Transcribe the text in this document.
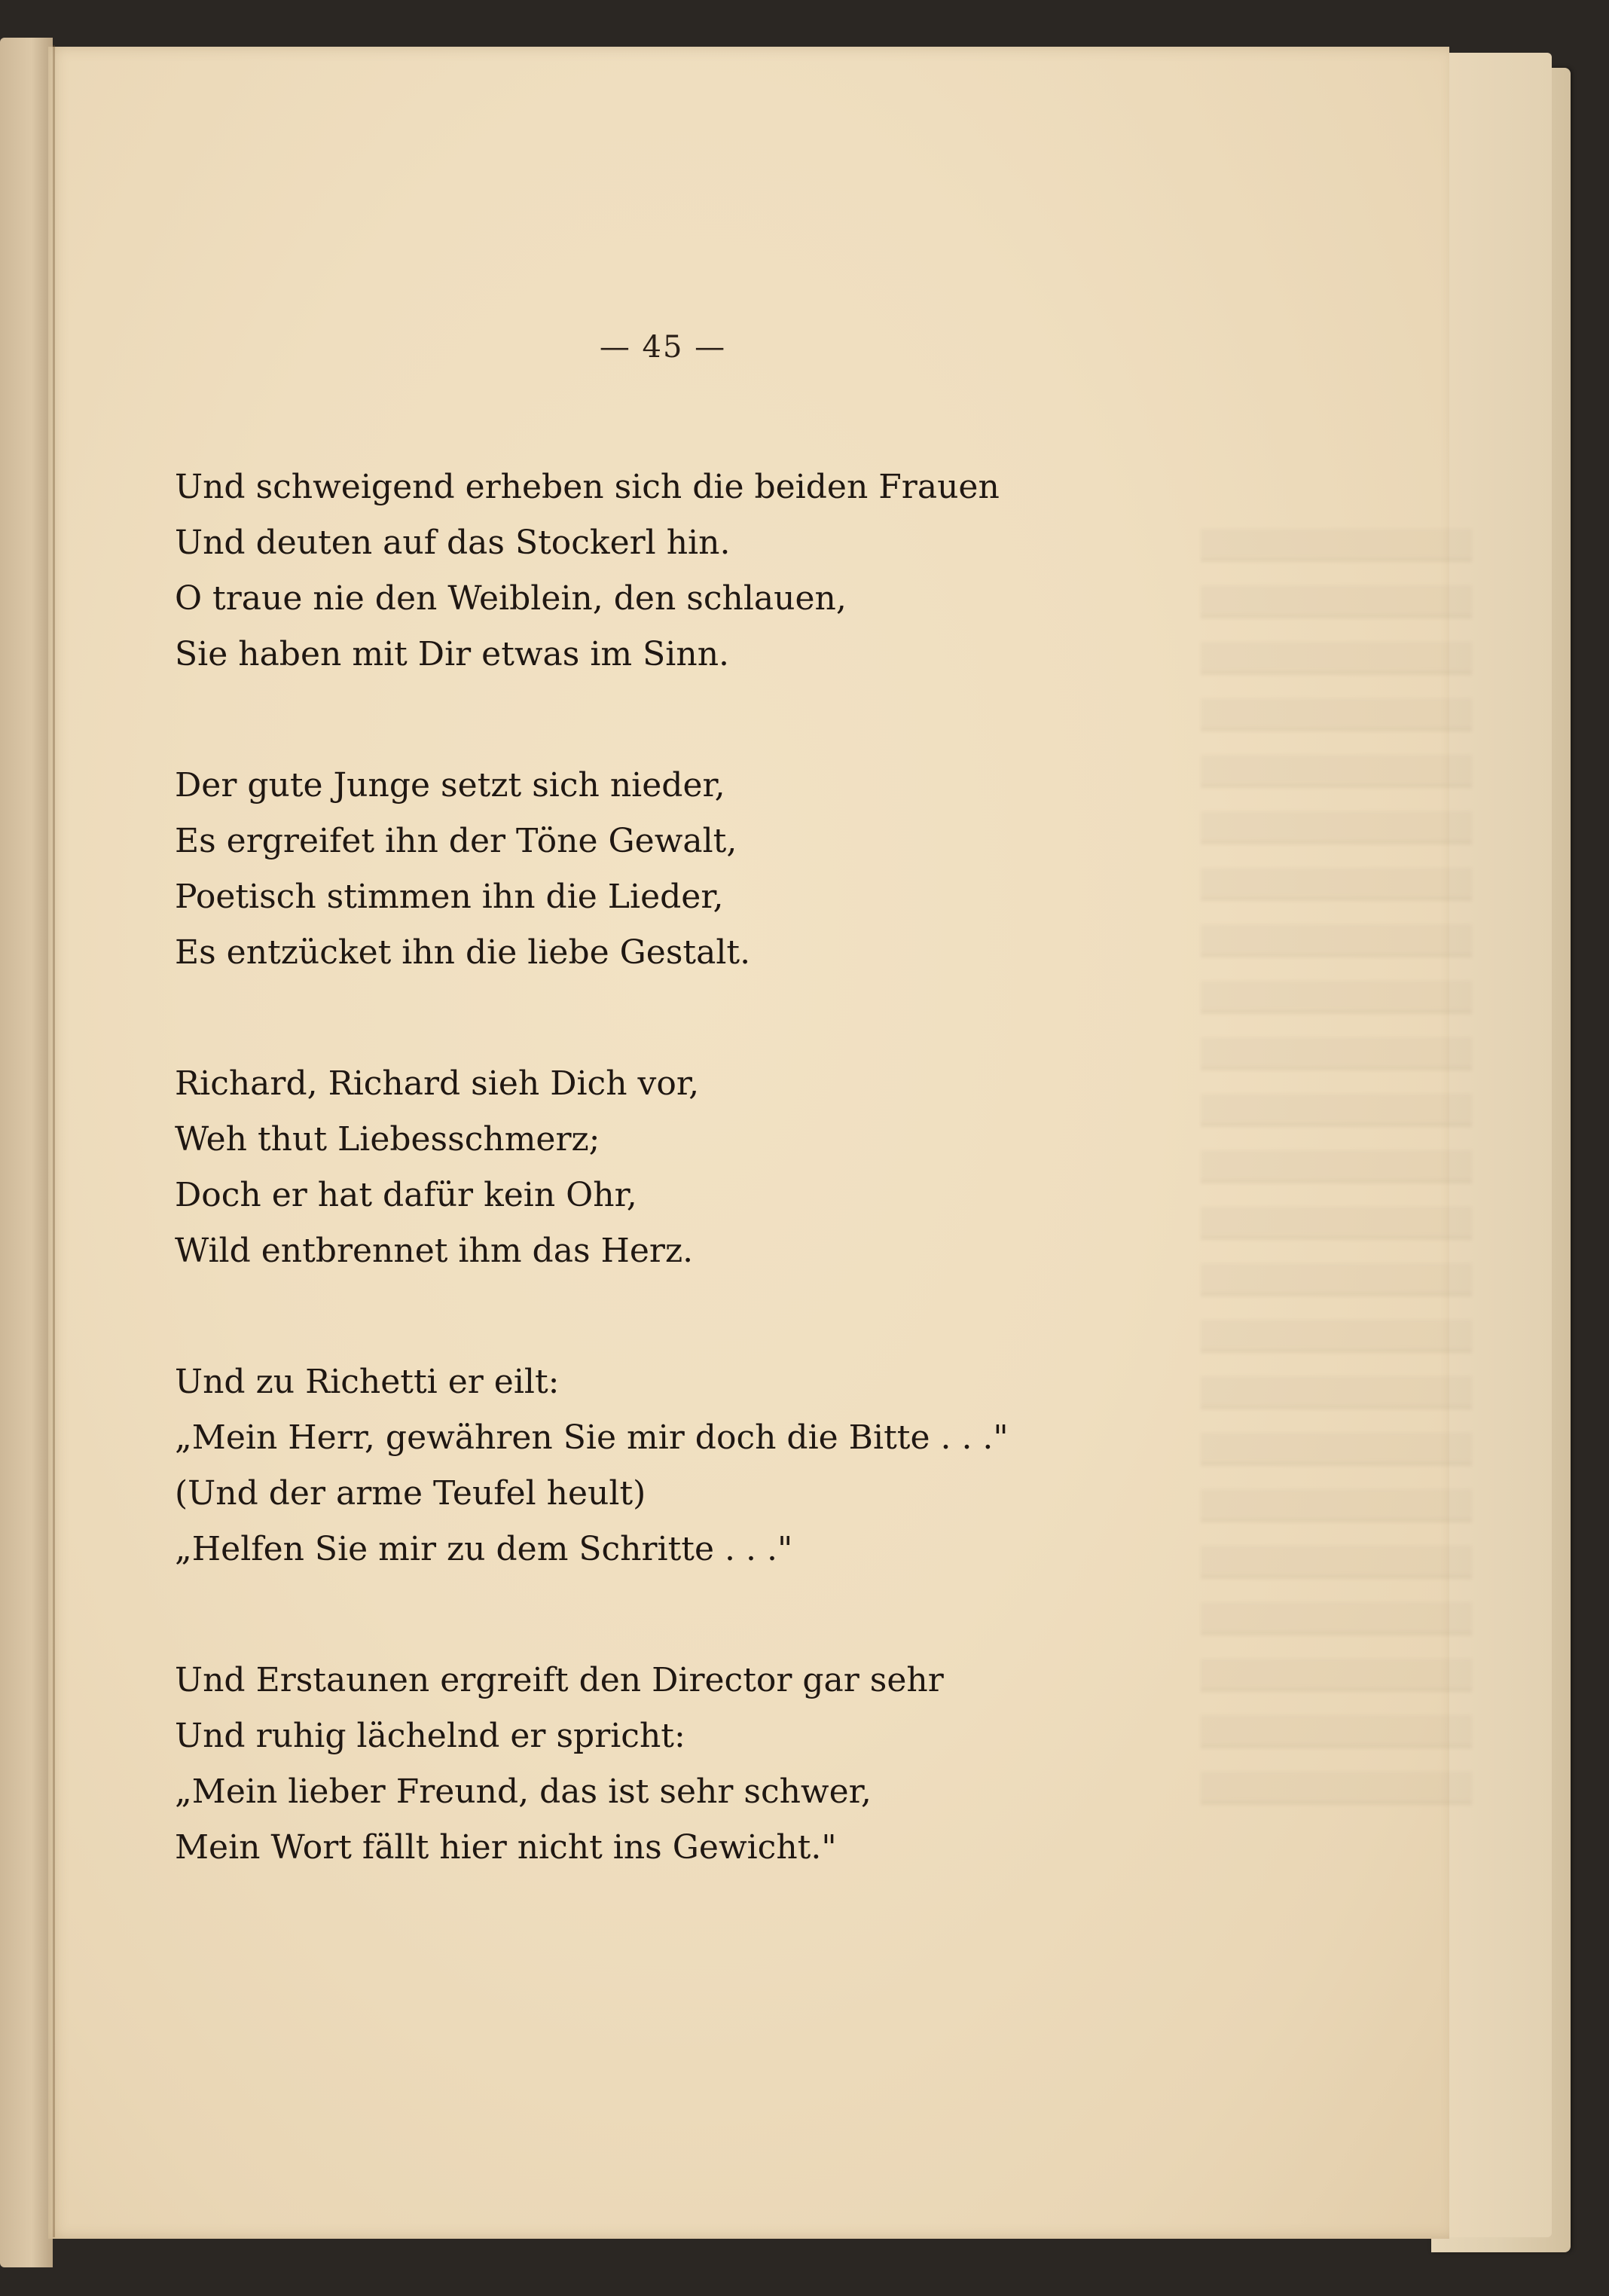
— 45 —
Und schweigend erheben sich die beiden Frauen
Und deuten auf das Stockerl hin.
O traue nie den Weiblein, den schlauen,
Sie haben mit Dir etwas im Sinn.
Der gute Junge setzt sich nieder,
Es ergreifet ihn der Töne Gewalt,
Poetisch stimmen ihn die Lieder,
Es entzücket ihn die liebe Gestalt.
Richard, Richard sieh Dich vor,
Weh thut Liebesschmerz;
Doch er hat dafür kein Ohr,
Wild entbrennet ihm das Herz.
Und zu Richetti er eilt:
„Mein Herr, gewähren Sie mir doch die Bitte . . ."
(Und der arme Teufel heult)
„Helfen Sie mir zu dem Schritte . . ."
Und Erstaunen ergreift den Director gar sehr
Und ruhig lächelnd er spricht:
„Mein lieber Freund, das ist sehr schwer,
Mein Wort fällt hier nicht ins Gewicht."
